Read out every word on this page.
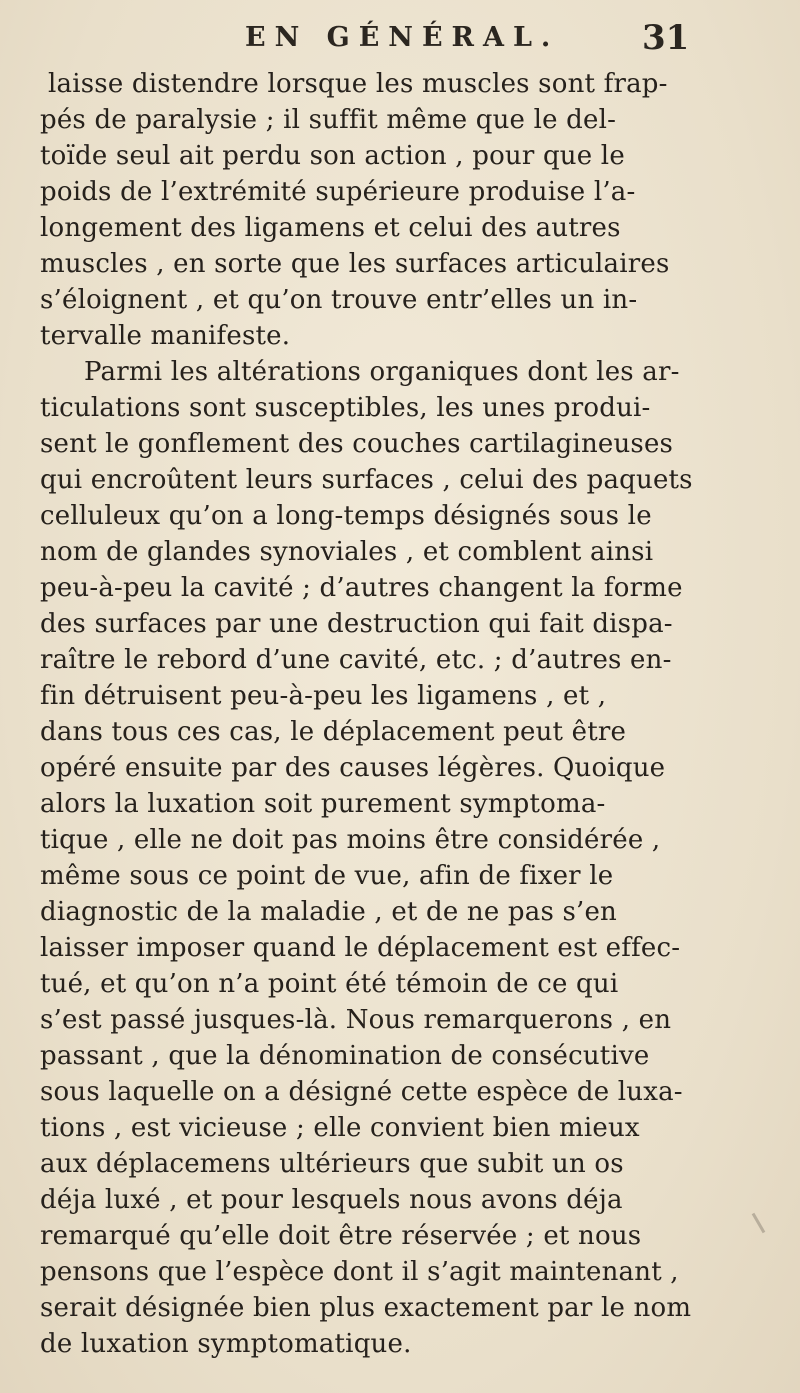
EN GÉNÉRAL. 31
laisse distendre lorsque les muscles sont frap-
pés de paralysie ; il suffit même que le del-
toïde seul ait perdu son action , pour que le
poids de l’extrémité supérieure produise l’a-
longement des ligamens et celui des autres
muscles , en sorte que les surfaces articulaires
s’éloignent , et qu’on trouve entr’elles un in-
tervalle manifeste.
Parmi les altérations organiques dont les ar-
ticulations sont susceptibles, les unes produi-
sent le gonflement des couches cartilagineuses
qui encroûtent leurs surfaces , celui des paquets
celluleux qu’on a long-temps désignés sous le
nom de glandes synoviales , et comblent ainsi
peu-à-peu la cavité ; d’autres changent la forme
des surfaces par une destruction qui fait dispa-
raître le rebord d’une cavité, etc. ; d’autres en-
fin détruisent peu-à-peu les ligamens , et ,
dans tous ces cas, le déplacement peut être
opéré ensuite par des causes légères. Quoique
alors la luxation soit purement symptoma-
tique , elle ne doit pas moins être considérée ,
même sous ce point de vue, afin de fixer le
diagnostic de la maladie , et de ne pas s’en
laisser imposer quand le déplacement est effec-
tué, et qu’on n’a point été témoin de ce qui
s’est passé jusques-là. Nous remarquerons , en
passant , que la dénomination de consécutive
sous laquelle on a désigné cette espèce de luxa-
tions , est vicieuse ; elle convient bien mieux
aux déplacemens ultérieurs que subit un os
déja luxé , et pour lesquels nous avons déja
remarqué qu’elle doit être réservée ; et nous
pensons que l’espèce dont il s’agit maintenant ,
serait désignée bien plus exactement par le nom
de luxation symptomatique.
